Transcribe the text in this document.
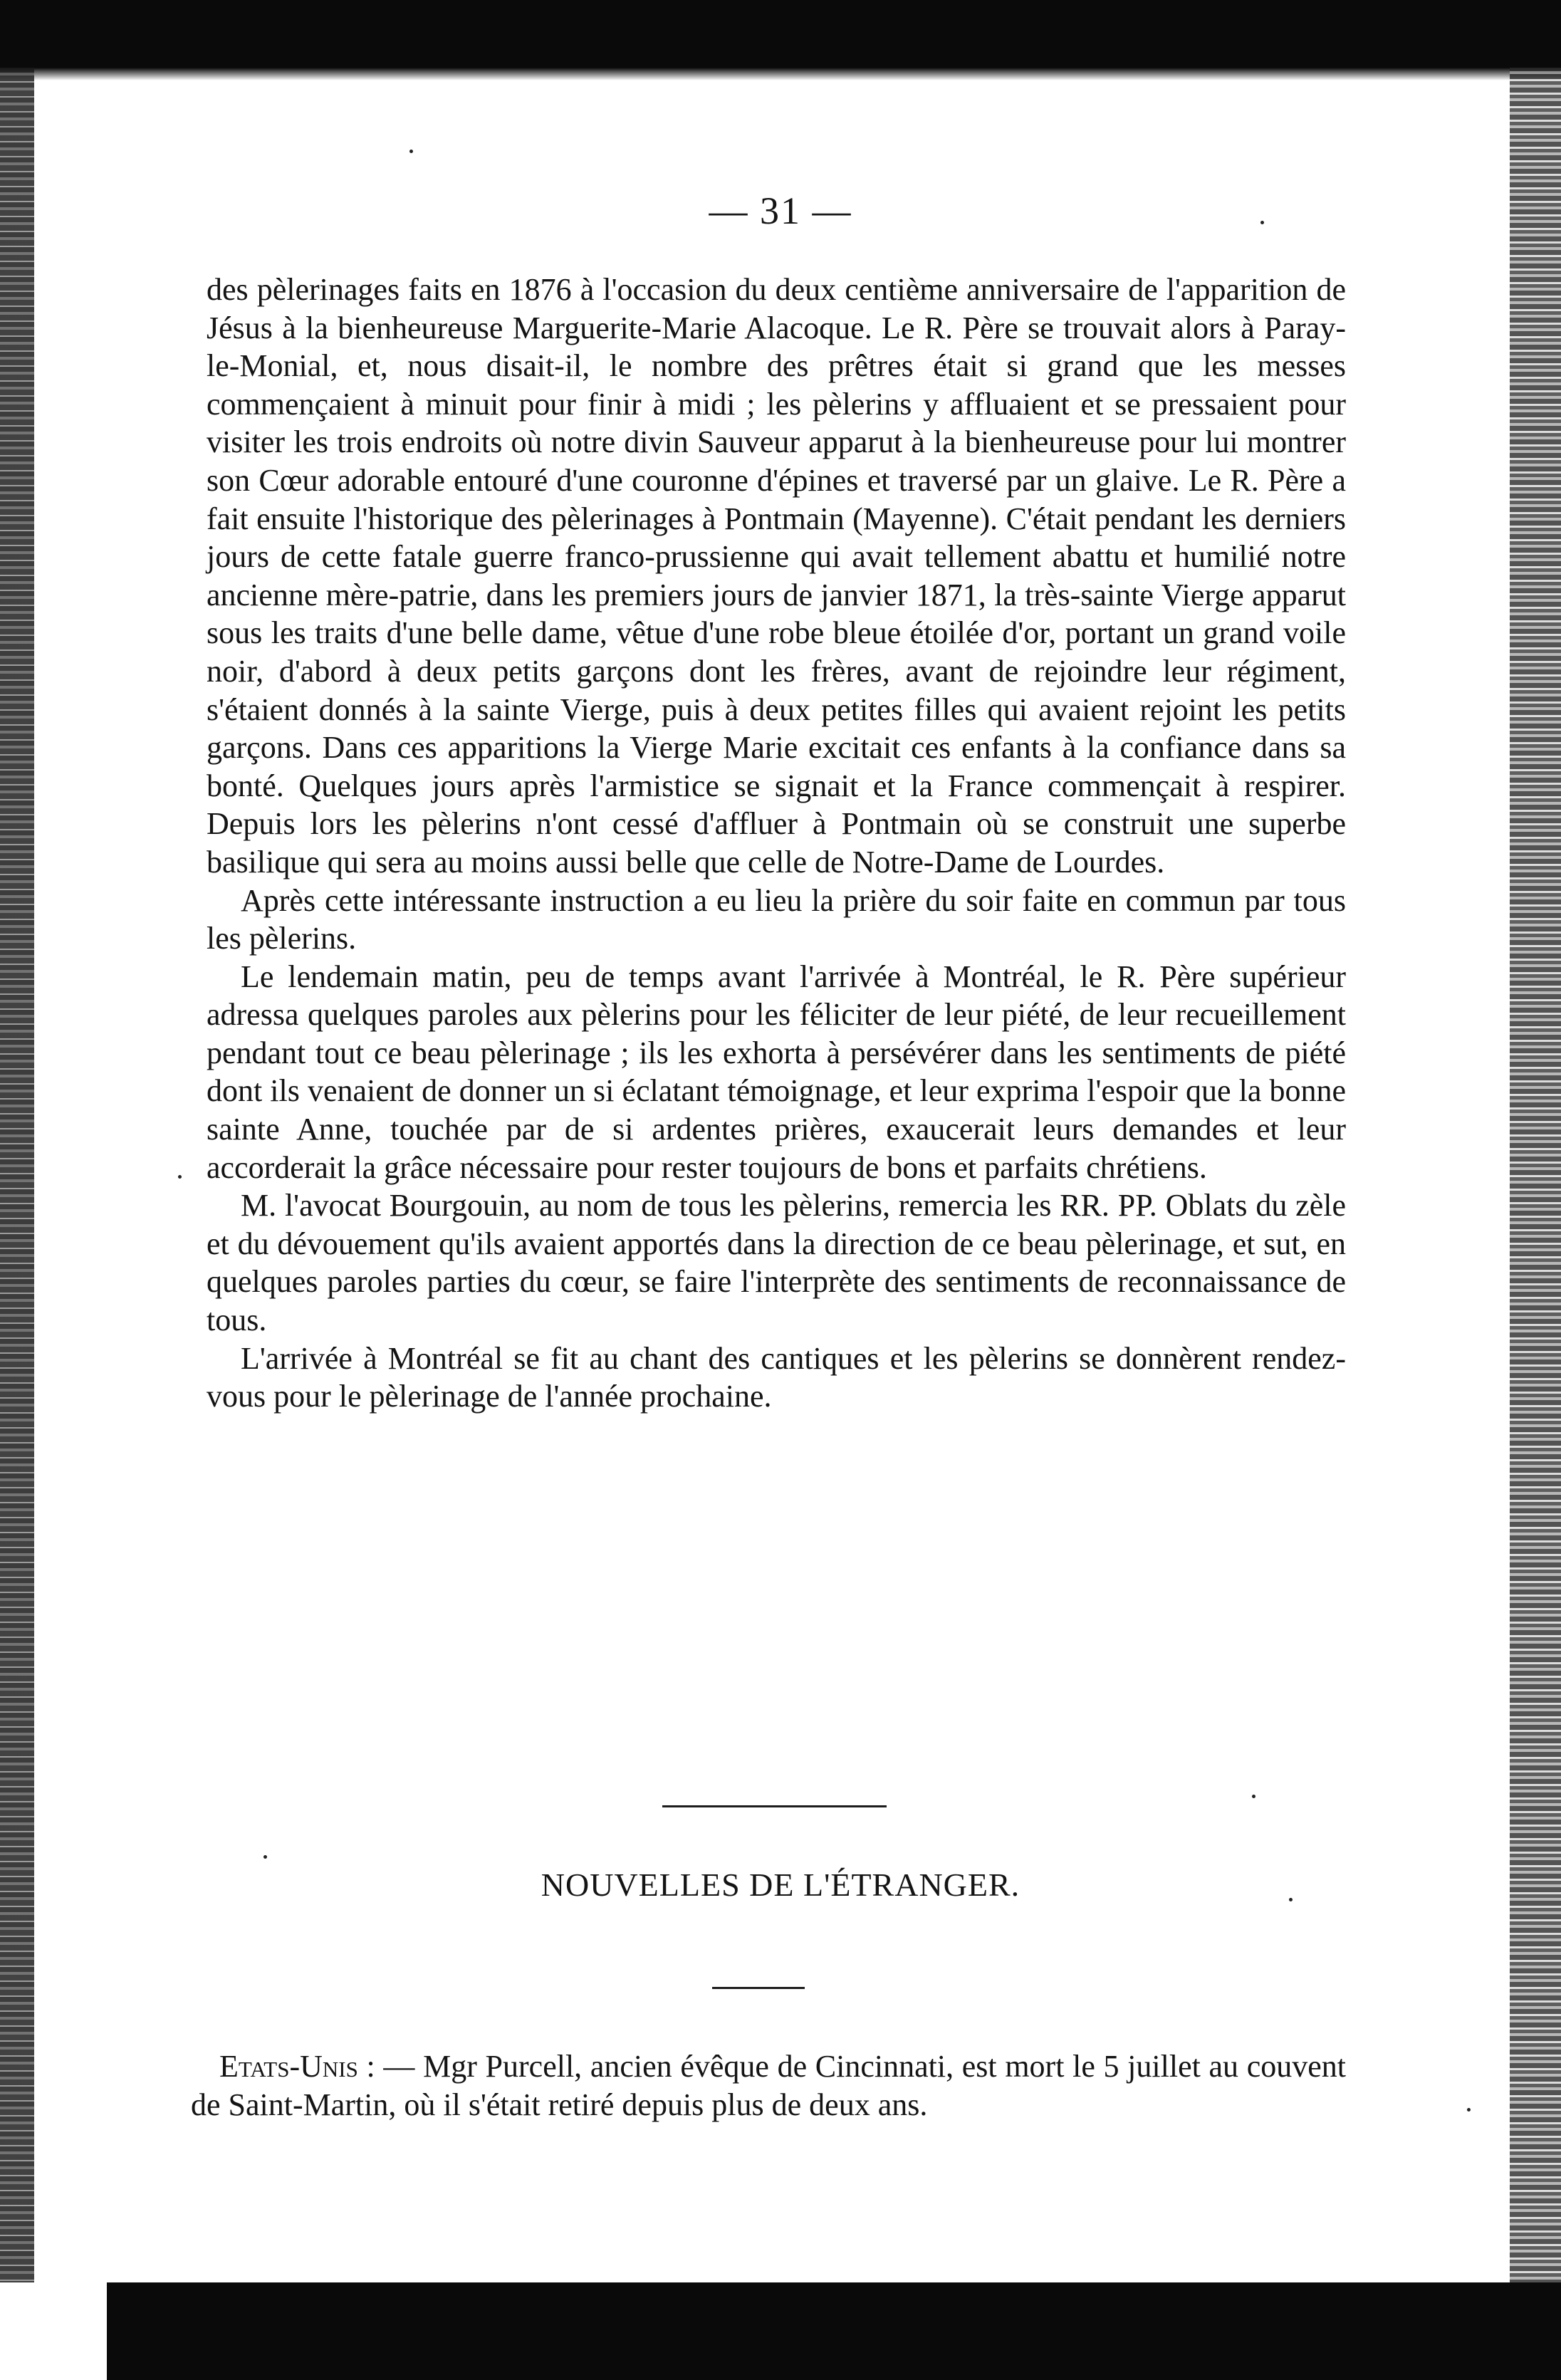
— 31 —

des pèlerinages faits en 1876 à l'occasion du deux centième anniversaire de l'apparition de Jésus à la bienheureuse Marguerite-Marie Alacoque. Le R. Père se trouvait alors à Paray-le-Monial, et, nous disait-il, le nombre des prêtres était si grand que les messes commençaient à minuit pour finir à midi ; les pèlerins y affluaient et se pressaient pour visiter les trois endroits où notre divin Sauveur apparut à la bienheureuse pour lui montrer son Cœur adorable entouré d'une couronne d'épines et traversé par un glaive. Le R. Père a fait ensuite l'historique des pèlerinages à Pontmain (Mayenne). C'était pendant les derniers jours de cette fatale guerre franco-prussienne qui avait tellement abattu et humilié notre ancienne mère-patrie, dans les premiers jours de janvier 1871, la très-sainte Vierge apparut sous les traits d'une belle dame, vêtue d'une robe bleue étoilée d'or, portant un grand voile noir, d'abord à deux petits garçons dont les frères, avant de rejoindre leur régiment, s'étaient donnés à la sainte Vierge, puis à deux petites filles qui avaient rejoint les petits garçons. Dans ces apparitions la Vierge Marie excitait ces enfants à la confiance dans sa bonté. Quelques jours après l'armistice se signait et la France commençait à respirer. Depuis lors les pèlerins n'ont cessé d'affluer à Pontmain où se construit une superbe basilique qui sera au moins aussi belle que celle de Notre-Dame de Lourdes.

Après cette intéressante instruction a eu lieu la prière du soir faite en commun par tous les pèlerins.

Le lendemain matin, peu de temps avant l'arrivée à Montréal, le R. Père supérieur adressa quelques paroles aux pèlerins pour les féliciter de leur piété, de leur recueillement pendant tout ce beau pèlerinage ; ils les exhorta à persévérer dans les sentiments de piété dont ils venaient de donner un si éclatant témoignage, et leur exprima l'espoir que la bonne sainte Anne, touchée par de si ardentes prières, exaucerait leurs demandes et leur accorderait la grâce nécessaire pour rester toujours de bons et parfaits chrétiens.

M. l'avocat Bourgouin, au nom de tous les pèlerins, remercia les RR. PP. Oblats du zèle et du dévouement qu'ils avaient apportés dans la direction de ce beau pèlerinage, et sut, en quelques paroles parties du cœur, se faire l'interprète des sentiments de reconnaissance de tous.

L'arrivée à Montréal se fit au chant des cantiques et les pèlerins se donnèrent rendez-vous pour le pèlerinage de l'année prochaine.

NOUVELLES DE L'ÉTRANGER.

Etats-Unis : — Mgr Purcell, ancien évêque de Cincinnati, est mort le 5 juillet au couvent de Saint-Martin, où il s'était retiré depuis plus de deux ans.
